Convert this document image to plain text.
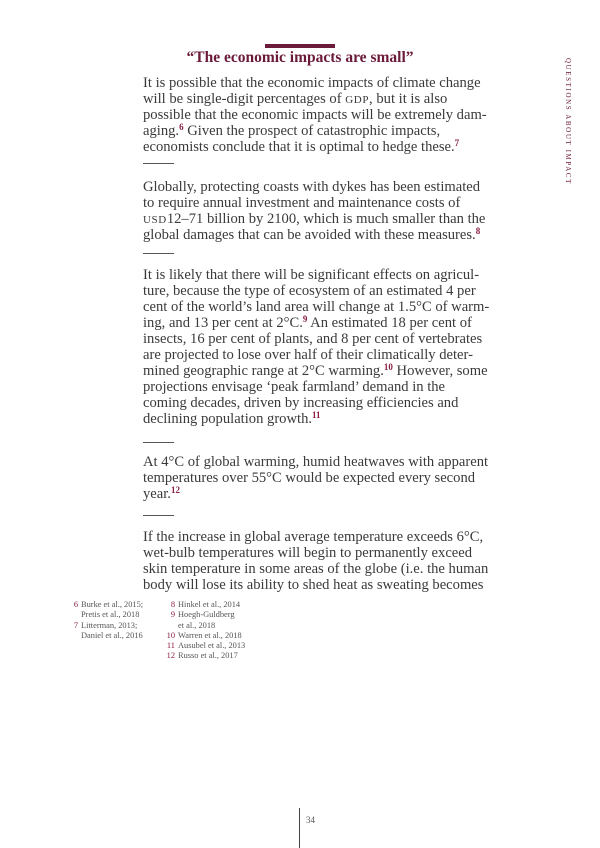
“The economic impacts are small”
QUESTIONS ABOUT IMPACT
It is possible that the economic impacts of climate change
will be single-digit percentages of GDP, but it is also
possible that the economic impacts will be extremely dam-
aging.$^6$ Given the prospect of catastrophic impacts,
economists conclude that it is optimal to hedge these.$^7$
Globally, protecting coasts with dykes has been estimated
to require annual investment and maintenance costs of
USD12–71 billion by 2100, which is much smaller than the
global damages that can be avoided with these measures.$^8$
It is likely that there will be significant effects on agricul-
ture, because the type of ecosystem of an estimated 4 per
cent of the world’s land area will change at 1.5°C of warm-
ing, and 13 per cent at 2°C.$^9$ An estimated 18 per cent of
insects, 16 per cent of plants, and 8 per cent of vertebrates
are projected to lose over half of their climatically deter-
mined geographic range at 2°C warming.$^{10}$ However, some
projections envisage ‘peak farmland’ demand in the
coming decades, driven by increasing efficiencies and
declining population growth.$^{11}$
At 4°C of global warming, humid heatwaves with apparent
temperatures over 55°C would be expected every second
year.$^{12}$
If the increase in global average temperature exceeds 6°C,
wet-bulb temperatures will begin to permanently exceed
skin temperature in some areas of the globe (i.e. the human
body will lose its ability to shed heat as sweating becomes
6 Burke et al., 2015;
Pretis et al., 2018
7 Litterman, 2013;
Daniel et al., 2016
8 Hinkel et al., 2014
9 Hoegh-Guldberg
et al., 2018
10 Warren et al., 2018
11 Ausubel et al., 2013
12 Russo et al., 2017
34
